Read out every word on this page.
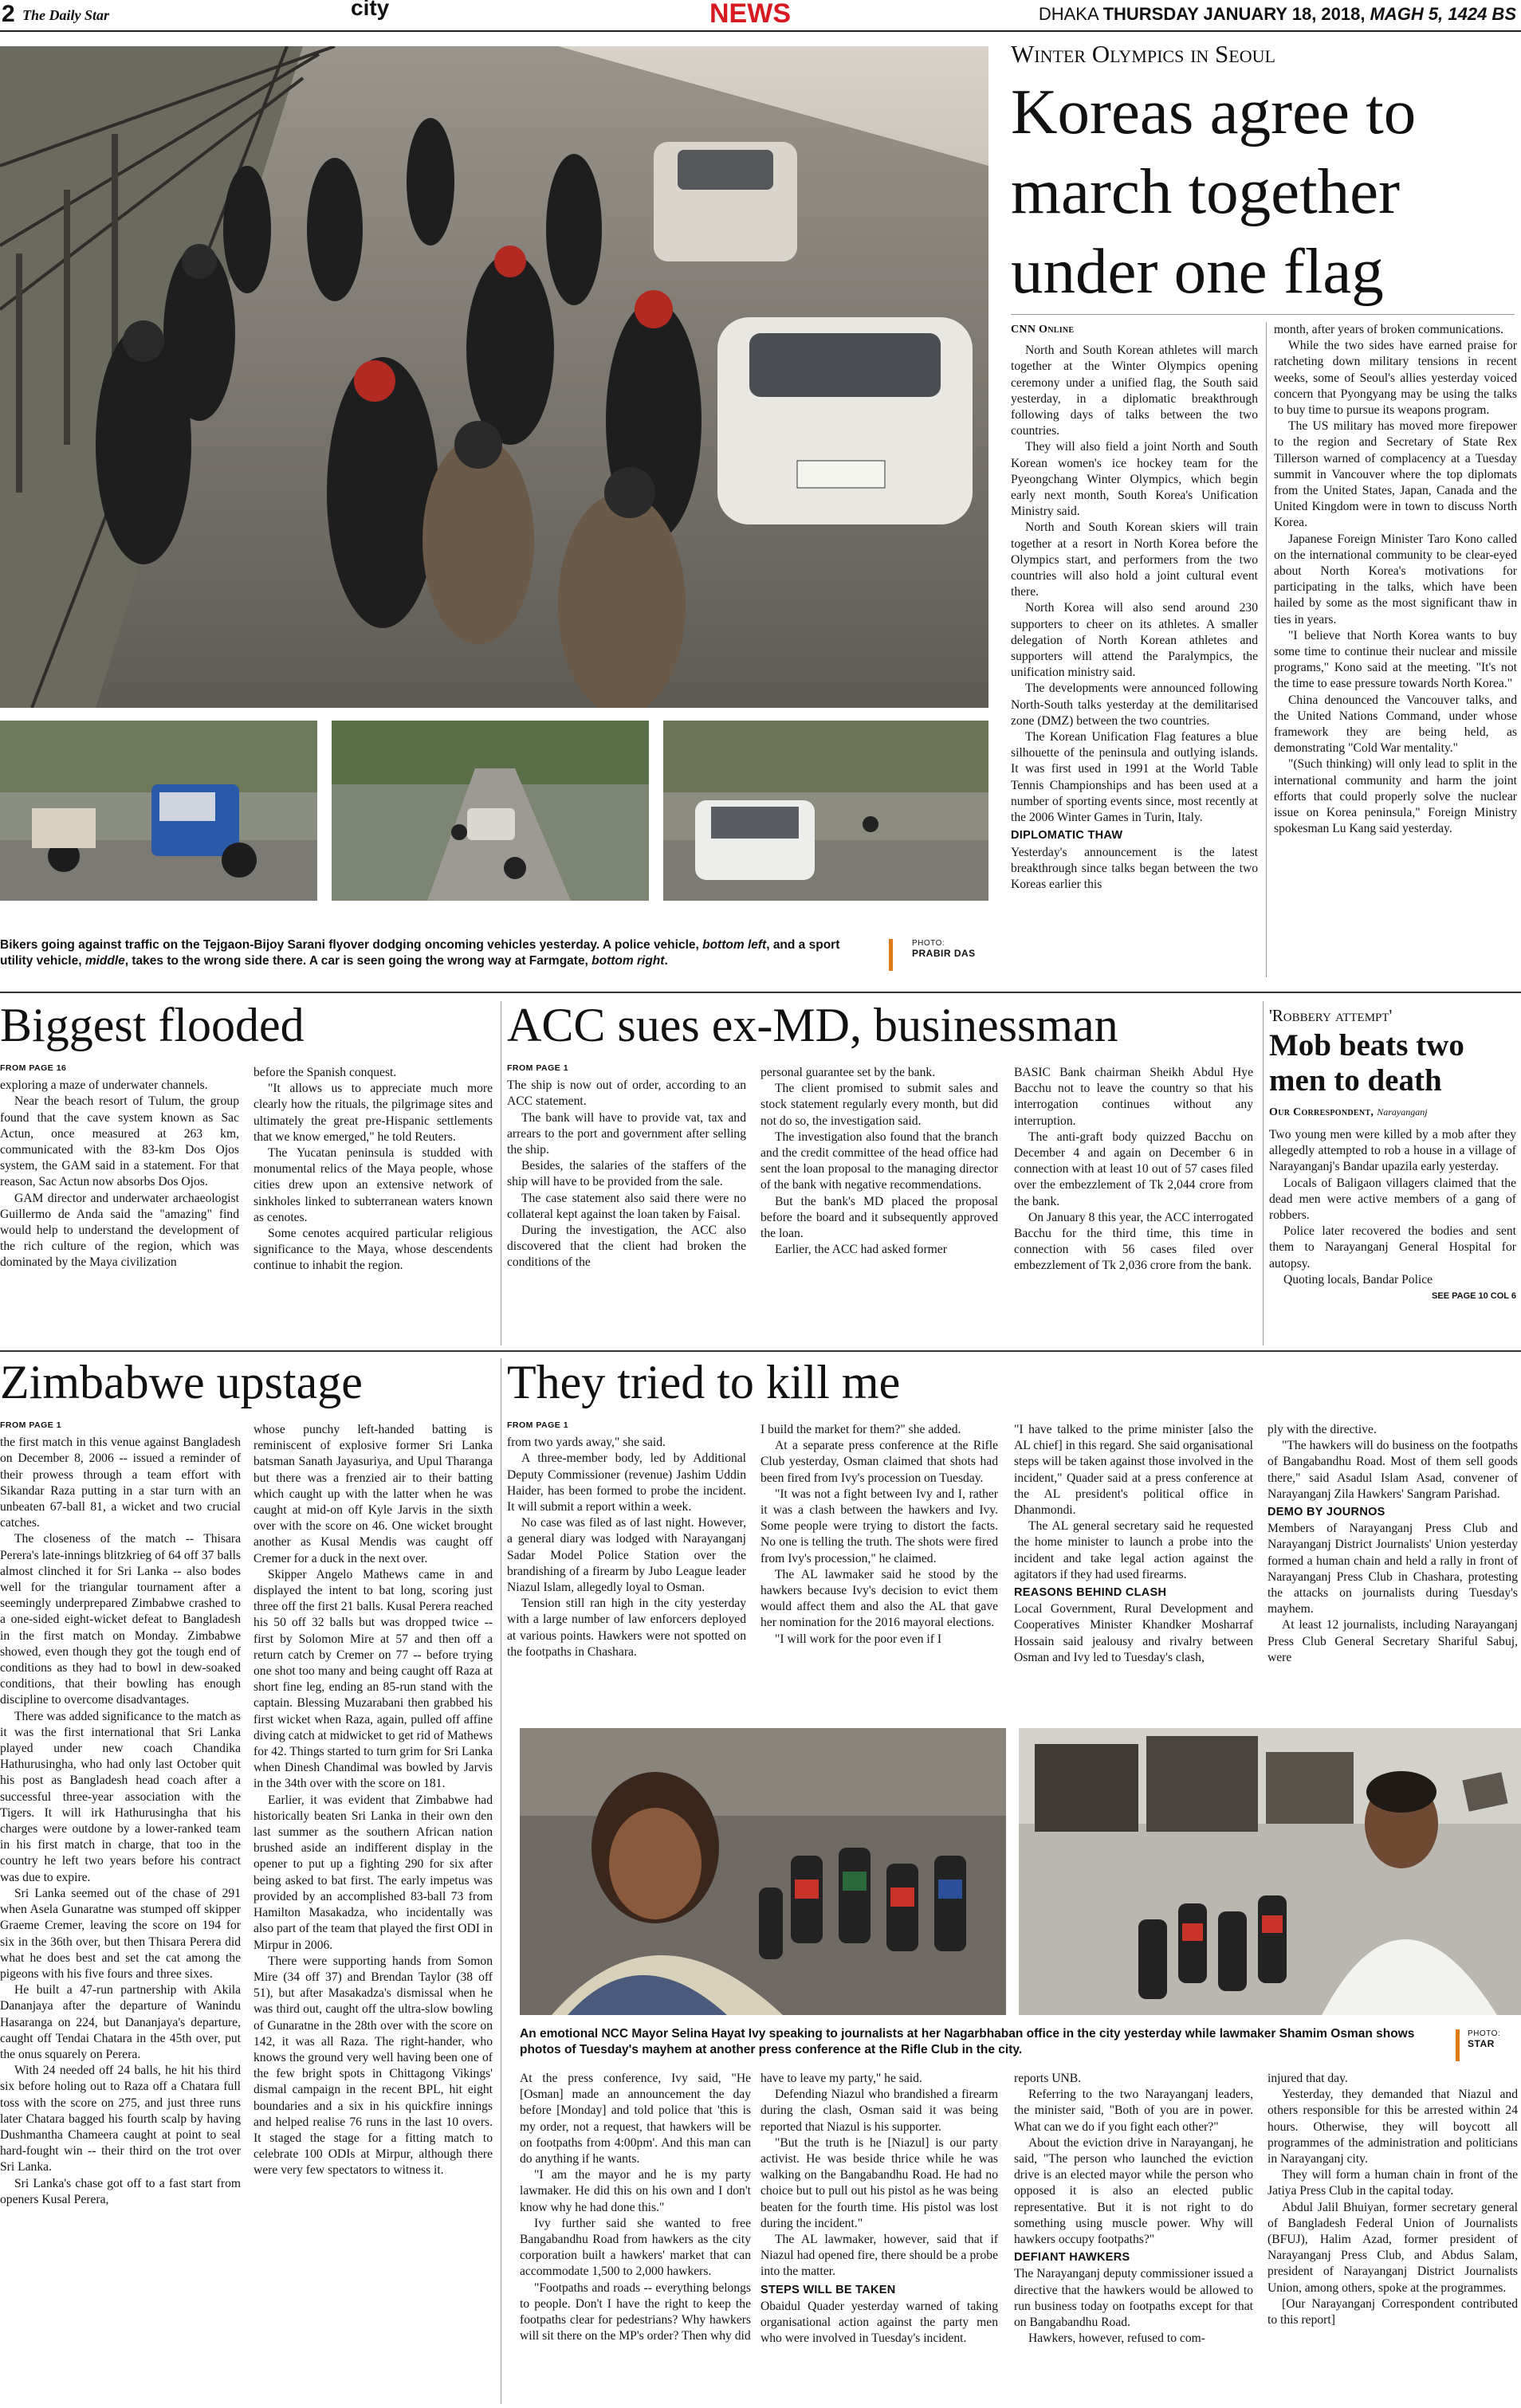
2 The Daily Star	city	NEWS	DHAKA THURSDAY JANUARY 18, 2018, MAGH 5, 1424 BS
Bikers going against traffic on the Tejgaon-Bijoy Sarani flyover dodging oncoming vehicles yesterday. A police vehicle, bottom left, and a sport utility vehicle, middle, takes to the wrong side there. A car is seen going the wrong way at Farmgate, bottom right.
PHOTO:
PRABIR DAS
Winter Olympics in Seoul
Koreas agree to march together under one flag
CNN Online

North and South Korean athletes will march together at the Winter Olympics opening ceremony under a unified flag, the South said yesterday, in a diplomatic breakthrough following days of talks between the two countries.

They will also field a joint North and South Korean women's ice hockey team for the Pyeongchang Winter Olympics, which begin early next month, South Korea's Unification Ministry said.

North and South Korean skiers will train together at a resort in North Korea before the Olympics start, and performers from the two countries will also hold a joint cultural event there.

North Korea will also send around 230 supporters to cheer on its athletes. A smaller delegation of North Korean athletes and supporters will attend the Paralympics, the unification ministry said.

The developments were announced following North-South talks yesterday at the demilitarised zone (DMZ) between the two countries.

The Korean Unification Flag features a blue silhouette of the peninsula and outlying islands. It was first used in 1991 at the World Table Tennis Championships and has been used at a number of sporting events since, most recently at the 2006 Winter Games in Turin, Italy.

DIPLOMATIC THAW

Yesterday's announcement is the latest breakthrough since talks began between the two Koreas earlier this

month, after years of broken communications.

While the two sides have earned praise for ratcheting down military tensions in recent weeks, some of Seoul's allies yesterday voiced concern that Pyongyang may be using the talks to buy time to pursue its weapons program.

The US military has moved more firepower to the region and Secretary of State Rex Tillerson warned of complacency at a Tuesday summit in Vancouver where the top diplomats from the United States, Japan, Canada and the United Kingdom were in town to discuss North Korea.

Japanese Foreign Minister Taro Kono called on the international community to be clear-eyed about North Korea's motivations for participating in the talks, which have been hailed by some as the most significant thaw in ties in years.

"I believe that North Korea wants to buy some time to continue their nuclear and missile programs," Kono said at the meeting. "It's not the time to ease pressure towards North Korea."

China denounced the Vancouver talks, and the United Nations Command, under whose framework they are being held, as demonstrating "Cold War mentality."

"(Such thinking) will only lead to split in the international community and harm the joint efforts that could properly solve the nuclear issue on Korea peninsula," Foreign Ministry spokesman Lu Kang said yesterday.

Biggest flooded
FROM PAGE 16

exploring a maze of underwater channels.

Near the beach resort of Tulum, the group found that the cave system known as Sac Actun, once measured at 263 km, communicated with the 83-km Dos Ojos system, the GAM said in a statement. For that reason, Sac Actun now absorbs Dos Ojos.

GAM director and underwater archaeologist Guillermo de Anda said the "amazing" find would help to understand the development of the rich culture of the region, which was dominated by the Maya civilization

before the Spanish conquest.

"It allows us to appreciate much more clearly how the rituals, the pilgrimage sites and ultimately the great pre-Hispanic settlements that we know emerged," he told Reuters.

The Yucatan peninsula is studded with monumental relics of the Maya people, whose cities drew upon an extensive network of sinkholes linked to subterranean waters known as cenotes.

Some cenotes acquired particular religious significance to the Maya, whose descendents continue to inhabit the region.

ACC sues ex-MD, businessman
FROM PAGE 1

The ship is now out of order, according to an ACC statement.

The bank will have to provide vat, tax and arrears to the port and government after selling the ship.

Besides, the salaries of the staffers of the ship will have to be provided from the sale.

The case statement also said there were no collateral kept against the loan taken by Faisal.

During the investigation, the ACC also discovered that the client had broken the conditions of the

personal guarantee set by the bank.

The client promised to submit sales and stock statement regularly every month, but did not do so, the investigation said.

The investigation also found that the branch and the credit committee of the head office had sent the loan proposal to the managing director of the bank with negative recommendations.

But the bank's MD placed the proposal before the board and it subsequently approved the loan.

Earlier, the ACC had asked former

BASIC Bank chairman Sheikh Abdul Hye Bacchu not to leave the country so that his interrogation continues without any interruption.

The anti-graft body quizzed Bacchu on December 4 and again on December 6 in connection with at least 10 out of 57 cases filed over the embezzlement of Tk 2,044 crore from the bank.

On January 8 this year, the ACC interrogated Bacchu for the third time, this time in connection with 56 cases filed over embezzlement of Tk 2,036 crore from the bank.

'Robbery attempt'
Mob beats two men to death
Our Correspondent, Narayanganj

Two young men were killed by a mob after they allegedly attempted to rob a house in a village of Narayanganj's Bandar upazila early yesterday.

Locals of Baligaon villagers claimed that the dead men were active members of a gang of robbers.

Police later recovered the bodies and sent them to Narayanganj General Hospital for autopsy.

Quoting locals, Bandar Police

SEE PAGE 10 COL 6
Zimbabwe upstage
FROM PAGE 1

the first match in this venue against Bangladesh on December 8, 2006 -- issued a reminder of their prowess through a team effort with Sikandar Raza putting in a star turn with an unbeaten 67-ball 81, a wicket and two crucial catches.

The closeness of the match -- Thisara Perera's late-innings blitzkrieg of 64 off 37 balls almost clinched it for Sri Lanka -- also bodes well for the triangular tournament after a seemingly underprepared Zimbabwe crashed to a one-sided eight-wicket defeat to Bangladesh in the first match on Monday. Zimbabwe showed, even though they got the tough end of conditions as they had to bowl in dew-soaked conditions, that their bowling has enough discipline to overcome disadvantages.

There was added significance to the match as it was the first international that Sri Lanka played under new coach Chandika Hathurusingha, who had only last October quit his post as Bangladesh head coach after a successful three-year association with the Tigers. It will irk Hathurusingha that his charges were outdone by a lower-ranked team in his first match in charge, that too in the country he left two years before his contract was due to expire.

Sri Lanka seemed out of the chase of 291 when Asela Gunaratne was stumped off skipper Graeme Cremer, leaving the score on 194 for six in the 36th over, but then Thisara Perera did what he does best and set the cat among the pigeons with his five fours and three sixes.

He built a 47-run partnership with Akila Dananjaya after the departure of Wanindu Hasaranga on 224, but Dananjaya's departure, caught off Tendai Chatara in the 45th over, put the onus squarely on Perera.

With 24 needed off 24 balls, he hit his third six before holing out to Raza off a Chatara full toss with the score on 275, and just three runs later Chatara bagged his fourth scalp by having Dushmantha Chameera caught at point to seal hard-fought win -- their third on the trot over Sri Lanka.

Sri Lanka's chase got off to a fast start from openers Kusal Perera,

whose punchy left-handed batting is reminiscent of explosive former Sri Lanka batsman Sanath Jayasuriya, and Upul Tharanga but there was a frenzied air to their batting which caught up with the latter when he was caught at mid-on off Kyle Jarvis in the sixth over with the score on 46. One wicket brought another as Kusal Mendis was caught off Cremer for a duck in the next over.

Skipper Angelo Mathews came in and displayed the intent to bat long, scoring just three off the first 21 balls. Kusal Perera reached his 50 off 32 balls but was dropped twice -- first by Solomon Mire at 57 and then off a return catch by Cremer on 77 -- before trying one shot too many and being caught off Raza at short fine leg, ending an 85-run stand with the captain. Blessing Muzarabani then grabbed his first wicket when Raza, again, pulled off affine diving catch at midwicket to get rid of Mathews for 42. Things started to turn grim for Sri Lanka when Dinesh Chandimal was bowled by Jarvis in the 34th over with the score on 181.

Earlier, it was evident that Zimbabwe had historically beaten Sri Lanka in their own den last summer as the southern African nation brushed aside an indifferent display in the opener to put up a fighting 290 for six after being asked to bat first. The early impetus was provided by an accomplished 83-ball 73 from Hamilton Masakadza, who incidentally was also part of the team that played the first ODI in Mirpur in 2006.

There were supporting hands from Somon Mire (34 off 37) and Brendan Taylor (38 off 51), but after Masakadza's dismissal when he was third out, caught off the ultra-slow bowling of Gunaratne in the 28th over with the score on 142, it was all Raza. The right-hander, who knows the ground very well having been one of the few bright spots in Chittagong Vikings' dismal campaign in the recent BPL, hit eight boundaries and a six in his quickfire innings and helped realise 76 runs in the last 10 overs. It staged the stage for a fitting match to celebrate 100 ODIs at Mirpur, although there were very few spectators to witness it.

They tried to kill me
FROM PAGE 1

from two yards away," she said.

A three-member body, led by Additional Deputy Commissioner (revenue) Jashim Uddin Haider, has been formed to probe the incident. It will submit a report within a week.

No case was filed as of last night. However, a general diary was lodged with Narayanganj Sadar Model Police Station over the brandishing of a firearm by Jubo League leader Niazul Islam, allegedly loyal to Osman.

Tension still ran high in the city yesterday with a large number of law enforcers deployed at various points. Hawkers were not spotted on the footpaths in Chashara.

I build the market for them?" she added.

At a separate press conference at the Rifle Club yesterday, Osman claimed that shots had been fired from Ivy's procession on Tuesday.

"It was not a fight between Ivy and I, rather it was a clash between the hawkers and Ivy. Some people were trying to distort the facts. No one is telling the truth. The shots were fired from Ivy's procession," he claimed.

The AL lawmaker said he stood by the hawkers because Ivy's decision to evict them would affect them and also the AL that gave her nomination for the 2016 mayoral elections.

"I will work for the poor even if I

"I have talked to the prime minister [also the AL chief] in this regard. She said organisational steps will be taken against those involved in the incident," Quader said at a press conference at the AL president's political office in Dhanmondi.

The AL general secretary said he requested the home minister to launch a probe into the incident and take legal action against the agitators if they had used firearms.

REASONS BEHIND CLASH

Local Government, Rural Development and Cooperatives Minister Khandker Mosharraf Hossain said jealousy and rivalry between Osman and Ivy led to Tuesday's clash,

ply with the directive.

"The hawkers will do business on the footpaths of Bangabandhu Road. Most of them sell goods there," said Asadul Islam Asad, convener of Narayanganj Zila Hawkers' Sangram Parishad.

DEMO BY JOURNOS

Members of Narayanganj Press Club and Narayanganj District Journalists' Union yesterday formed a human chain and held a rally in front of Narayanganj Press Club in Chashara, protesting the attacks on journalists during Tuesday's mayhem.

At least 12 journalists, including Narayanganj Press Club General Secretary Shariful Sabuj, were

An emotional NCC Mayor Selina Hayat Ivy speaking to journalists at her Nagarbhaban office in the city yesterday while lawmaker Shamim Osman shows photos of Tuesday's mayhem at another press conference at the Rifle Club in the city.
PHOTO:
STAR

At the press conference, Ivy said, "He [Osman] made an announcement the day before [Monday] and told police that 'this is my order, not a request, that hawkers will be on footpaths from 4:00pm'. And this man can do anything if he wants.

"I am the mayor and he is my party lawmaker. He did this on his own and I don't know why he had done this."

Ivy further said she wanted to free Bangabandhu Road from hawkers as the city corporation built a hawkers' market that can accommodate 1,500 to 2,000 hawkers.

"Footpaths and roads -- everything belongs to people. Don't I have the right to keep the footpaths clear for pedestrians? Why hawkers will sit there on the MP's order? Then why did

have to leave my party," he said.

Defending Niazul who brandished a firearm during the clash, Osman said it was being reported that Niazul is his supporter.

"But the truth is he [Niazul] is our party activist. He was beside thrice while he was walking on the Bangabandhu Road. He had no choice but to pull out his pistol as he was being beaten for the fourth time. His pistol was lost during the incident."

The AL lawmaker, however, said that if Niazul had opened fire, there should be a probe into the matter.

STEPS WILL BE TAKEN

Obaidul Quader yesterday warned of taking organisational action against the party men who were involved in Tuesday's incident.

reports UNB.

Referring to the two Narayanganj leaders, the minister said, "Both of you are in power. What can we do if you fight each other?"

About the eviction drive in Narayanganj, he said, "The person who launched the eviction drive is an elected mayor while the person who opposed it is also an elected public representative. But it is not right to do something using muscle power. Why will hawkers occupy footpaths?"

DEFIANT HAWKERS

The Narayanganj deputy commissioner issued a directive that the hawkers would be allowed to run business today on footpaths except for that on Bangabandhu Road.

Hawkers, however, refused to com-

injured that day.

Yesterday, they demanded that Niazul and others responsible for this be arrested within 24 hours. Otherwise, they will boycott all programmes of the administration and politicians in Narayanganj city.

They will form a human chain in front of the Jatiya Press Club in the capital today.

Abdul Jalil Bhuiyan, former secretary general of Bangladesh Federal Union of Journalists (BFUJ), Halim Azad, former president of Narayanganj Press Club, and Abdus Salam, president of Narayanganj District Journalists Union, among others, spoke at the programmes.

[Our Narayanganj Correspondent contributed to this report]
